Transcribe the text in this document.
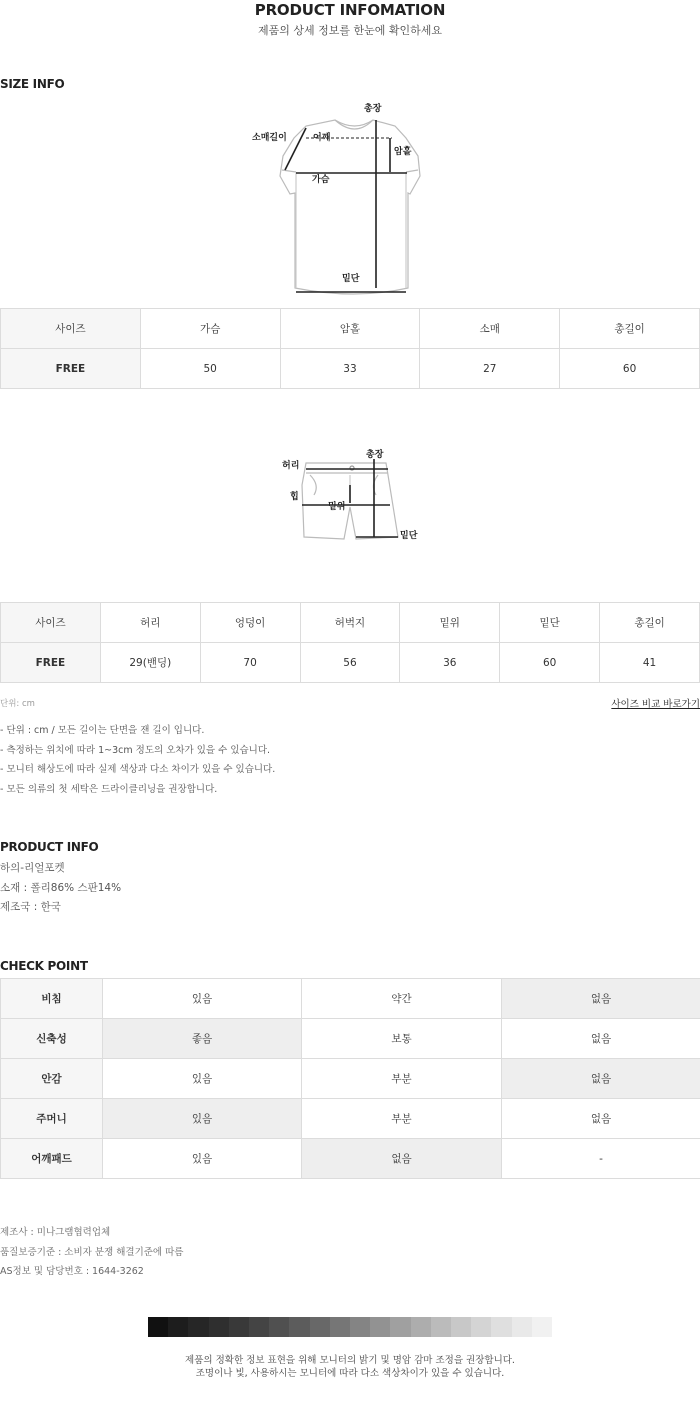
PRODUCT INFOMATION
제품의 상세 정보를 한눈에 확인하세요
SIZE INFO
총장
소매길이	어깨
암홀
가슴
밑단
사이즈	가슴	암홀	소매	총길이
FREE	50	33	27	60
총장
허리
힙
밑위
밑단
사이즈	허리	엉덩이	허벅지	밑위	밑단	총길이
FREE	29(밴딩)	70	56	36	60	41
단위: cm	사이즈 비교 바로가기
- 단위 : cm / 모든 길이는 단면을 잰 길이 입니다.
- 측정하는 위치에 따라 1~3cm 정도의 오차가 있을 수 있습니다.
- 모니터 해상도에 따라 실제 색상과 다소 차이가 있을 수 있습니다.
- 모든 의류의 첫 세탁은 드라이클리닝을 권장합니다.
PRODUCT INFO
하의-리얼포켓
소재 : 폴리86% 스판14%
제조국 : 한국
CHECK POINT
비침	있음	약간	없음
신축성	좋음	보통	없음
안감	있음	부분	없음
주머니	있음	부분	없음
어깨패드	있음	없음	-
제조사 : 미나그램협력업체
품질보증기준 : 소비자 분쟁 해결기준에 따름
AS정보 및 담당번호 : 1644-3262
제품의 정확한 정보 표현을 위해 모니터의 밝기 및 명암 감마 조정을 권장합니다.
조명이나 빛, 사용하시는 모니터에 따라 다소 색상차이가 있을 수 있습니다.
